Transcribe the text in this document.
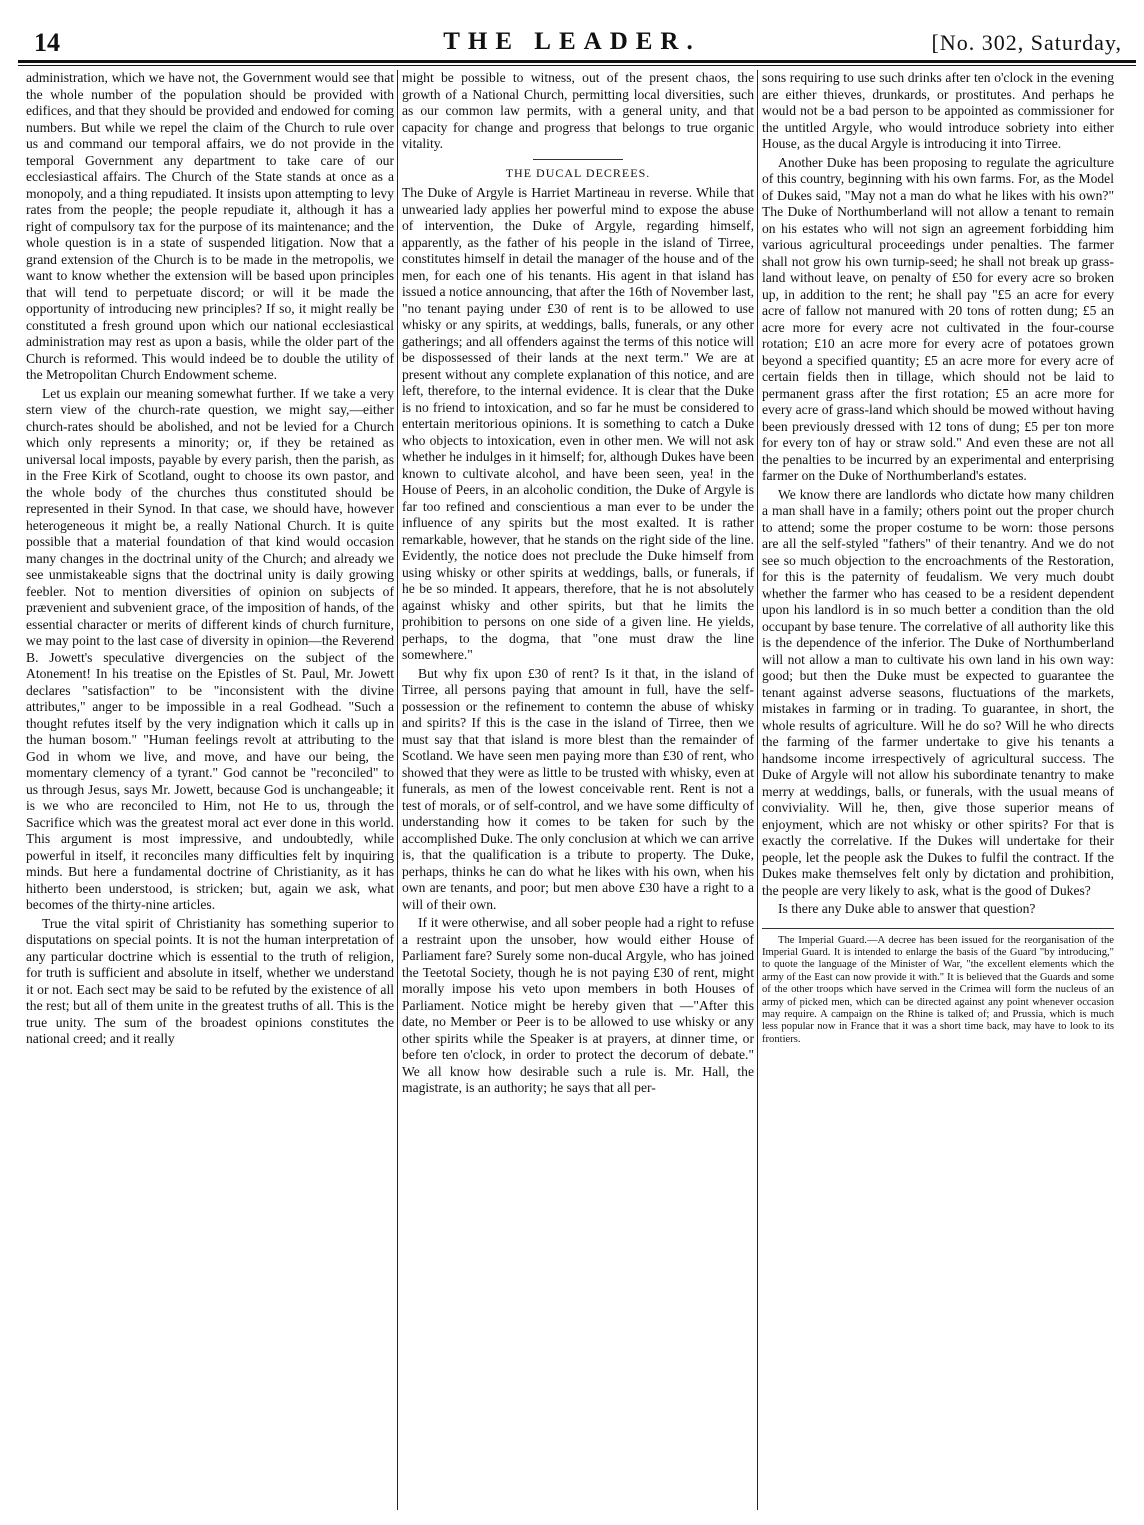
14	THE LEADER.	[No. 302, Saturday,

administration, which we have not, the Government would see that the whole number of the population should be provided with edifices, and that they should be provided and endowed for coming numbers. But while we repel the claim of the Church to rule over us and command our temporal affairs, we do not provide in the temporal Government any department to take care of our ecclesiastical affairs. The Church of the State stands at once as a monopoly, and a thing repudiated. It insists upon attempting to levy rates from the people; the people repudiate it, although it has a right of compulsory tax for the purpose of its maintenance; and the whole question is in a state of suspended litigation. Now that a grand extension of the Church is to be made in the metropolis, we want to know whether the extension will be based upon principles that will tend to perpetuate discord; or will it be made the opportunity of introducing new principles? If so, it might really be constituted a fresh ground upon which our national ecclesiastical administration may rest as upon a basis, while the older part of the Church is reformed. This would indeed be to double the utility of the Metropolitan Church Endowment scheme.

Let us explain our meaning somewhat further. If we take a very stern view of the church-rate question, we might say,—either church-rates should be abolished, and not be levied for a Church which only represents a minority; or, if they be retained as universal local imposts, payable by every parish, then the parish, as in the Free Kirk of Scotland, ought to choose its own pastor, and the whole body of the churches thus constituted should be represented in their Synod. In that case, we should have, however heterogeneous it might be, a really National Church. It is quite possible that a material foundation of that kind would occasion many changes in the doctrinal unity of the Church; and already we see unmistakeable signs that the doctrinal unity is daily growing feebler. Not to mention diversities of opinion on subjects of prævenient and subvenient grace, of the imposition of hands, of the essential character or merits of different kinds of church furniture, we may point to the last case of diversity in opinion—the Reverend B. Jowett's speculative divergencies on the subject of the Atonement! In his treatise on the Epistles of St. Paul, Mr. Jowett declares "satisfaction" to be "inconsistent with the divine attributes," anger to be impossible in a real Godhead. "Such a thought refutes itself by the very indignation which it calls up in the human bosom." "Human feelings revolt at attributing to the God in whom we live, and move, and have our being, the momentary clemency of a tyrant." God cannot be "reconciled" to us through Jesus, says Mr. Jowett, because God is unchangeable; it is we who are reconciled to Him, not He to us, through the Sacrifice which was the greatest moral act ever done in this world. This argument is most impressive, and undoubtedly, while powerful in itself, it reconciles many difficulties felt by inquiring minds. But here a fundamental doctrine of Christianity, as it has hitherto been understood, is stricken; but, again we ask, what becomes of the thirty-nine articles.

True the vital spirit of Christianity has something superior to disputations on special points. It is not the human interpretation of any particular doctrine which is essential to the truth of religion, for truth is sufficient and absolute in itself, whether we understand it or not. Each sect may be said to be refuted by the existence of all the rest; but all of them unite in the greatest truths of all. This is the true unity. The sum of the broadest opinions constitutes the national creed; and it really

might be possible to witness, out of the present chaos, the growth of a National Church, permitting local diversities, such as our common law permits, with a general unity, and that capacity for change and progress that belongs to true organic vitality.

THE DUCAL DECREES.

The Duke of Argyle is Harriet Martineau in reverse. While that unwearied lady applies her powerful mind to expose the abuse of intervention, the Duke of Argyle, regarding himself, apparently, as the father of his people in the island of Tirree, constitutes himself in detail the manager of the house and of the men, for each one of his tenants. His agent in that island has issued a notice announcing, that after the 16th of November last, "no tenant paying under £30 of rent is to be allowed to use whisky or any spirits, at weddings, balls, funerals, or any other gatherings; and all offenders against the terms of this notice will be dispossessed of their lands at the next term." We are at present without any complete explanation of this notice, and are left, therefore, to the internal evidence. It is clear that the Duke is no friend to intoxication, and so far he must be considered to entertain meritorious opinions. It is something to catch a Duke who objects to intoxication, even in other men. We will not ask whether he indulges in it himself; for, although Dukes have been known to cultivate alcohol, and have been seen, yea! in the House of Peers, in an alcoholic condition, the Duke of Argyle is far too refined and conscientious a man ever to be under the influence of any spirits but the most exalted. It is rather remarkable, however, that he stands on the right side of the line. Evidently, the notice does not preclude the Duke himself from using whisky or other spirits at weddings, balls, or funerals, if he be so minded. It appears, therefore, that he is not absolutely against whisky and other spirits, but that he limits the prohibition to persons on one side of a given line. He yields, perhaps, to the dogma, that "one must draw the line somewhere."

But why fix upon £30 of rent? Is it that, in the island of Tirree, all persons paying that amount in full, have the self-possession or the refinement to contemn the abuse of whisky and spirits? If this is the case in the island of Tirree, then we must say that that island is more blest than the remainder of Scotland. We have seen men paying more than £30 of rent, who showed that they were as little to be trusted with whisky, even at funerals, as men of the lowest conceivable rent. Rent is not a test of morals, or of self-control, and we have some difficulty of understanding how it comes to be taken for such by the accomplished Duke. The only conclusion at which we can arrive is, that the qualification is a tribute to property. The Duke, perhaps, thinks he can do what he likes with his own, when his own are tenants, and poor; but men above £30 have a right to a will of their own.

If it were otherwise, and all sober people had a right to refuse a restraint upon the unsober, how would either House of Parliament fare? Surely some non-ducal Argyle, who has joined the Teetotal Society, though he is not paying £30 of rent, might morally impose his veto upon members in both Houses of Parliament. Notice might be hereby given that —"After this date, no Member or Peer is to be allowed to use whisky or any other spirits while the Speaker is at prayers, at dinner time, or before ten o'clock, in order to protect the decorum of debate." We all know how desirable such a rule is. Mr. Hall, the magistrate, is an authority; he says that all per-

sons requiring to use such drinks after ten o'clock in the evening are either thieves, drunkards, or prostitutes. And perhaps he would not be a bad person to be appointed as commissioner for the untitled Argyle, who would introduce sobriety into either House, as the ducal Argyle is introducing it into Tirree.

Another Duke has been proposing to regulate the agriculture of this country, beginning with his own farms. For, as the Model of Dukes said, "May not a man do what he likes with his own?" The Duke of Northumberland will not allow a tenant to remain on his estates who will not sign an agreement forbidding him various agricultural proceedings under penalties. The farmer shall not grow his own turnip-seed; he shall not break up grass-land without leave, on penalty of £50 for every acre so broken up, in addition to the rent; he shall pay "£5 an acre for every acre of fallow not manured with 20 tons of rotten dung; £5 an acre more for every acre not cultivated in the four-course rotation; £10 an acre more for every acre of potatoes grown beyond a specified quantity; £5 an acre more for every acre of certain fields then in tillage, which should not be laid to permanent grass after the first rotation; £5 an acre more for every acre of grass-land which should be mowed without having been previously dressed with 12 tons of dung; £5 per ton more for every ton of hay or straw sold." And even these are not all the penalties to be incurred by an experimental and enterprising farmer on the Duke of Northumberland's estates.

We know there are landlords who dictate how many children a man shall have in a family; others point out the proper church to attend; some the proper costume to be worn: those persons are all the self-styled "fathers" of their tenantry. And we do not see so much objection to the encroachments of the Restoration, for this is the paternity of feudalism. We very much doubt whether the farmer who has ceased to be a resident dependent upon his landlord is in so much better a condition than the old occupant by base tenure. The correlative of all authority like this is the dependence of the inferior. The Duke of Northumberland will not allow a man to cultivate his own land in his own way: good; but then the Duke must be expected to guarantee the tenant against adverse seasons, fluctuations of the markets, mistakes in farming or in trading. To guarantee, in short, the whole results of agriculture. Will he do so? Will he who directs the farming of the farmer undertake to give his tenants a handsome income irrespectively of agricultural success. The Duke of Argyle will not allow his subordinate tenantry to make merry at weddings, balls, or funerals, with the usual means of conviviality. Will he, then, give those superior means of enjoyment, which are not whisky or other spirits? For that is exactly the correlative. If the Dukes will undertake for their people, let the people ask the Dukes to fulfil the contract. If the Dukes make themselves felt only by dictation and prohibition, the people are very likely to ask, what is the good of Dukes?

Is there any Duke able to answer that question?

The Imperial Guard.—A decree has been issued for the reorganisation of the Imperial Guard. It is intended to enlarge the basis of the Guard "by introducing," to quote the language of the Minister of War, "the excellent elements which the army of the East can now provide it with." It is believed that the Guards and some of the other troops which have served in the Crimea will form the nucleus of an army of picked men, which can be directed against any point whenever occasion may require. A campaign on the Rhine is talked of; and Prussia, which is much less popular now in France that it was a short time back, may have to look to its frontiers.
